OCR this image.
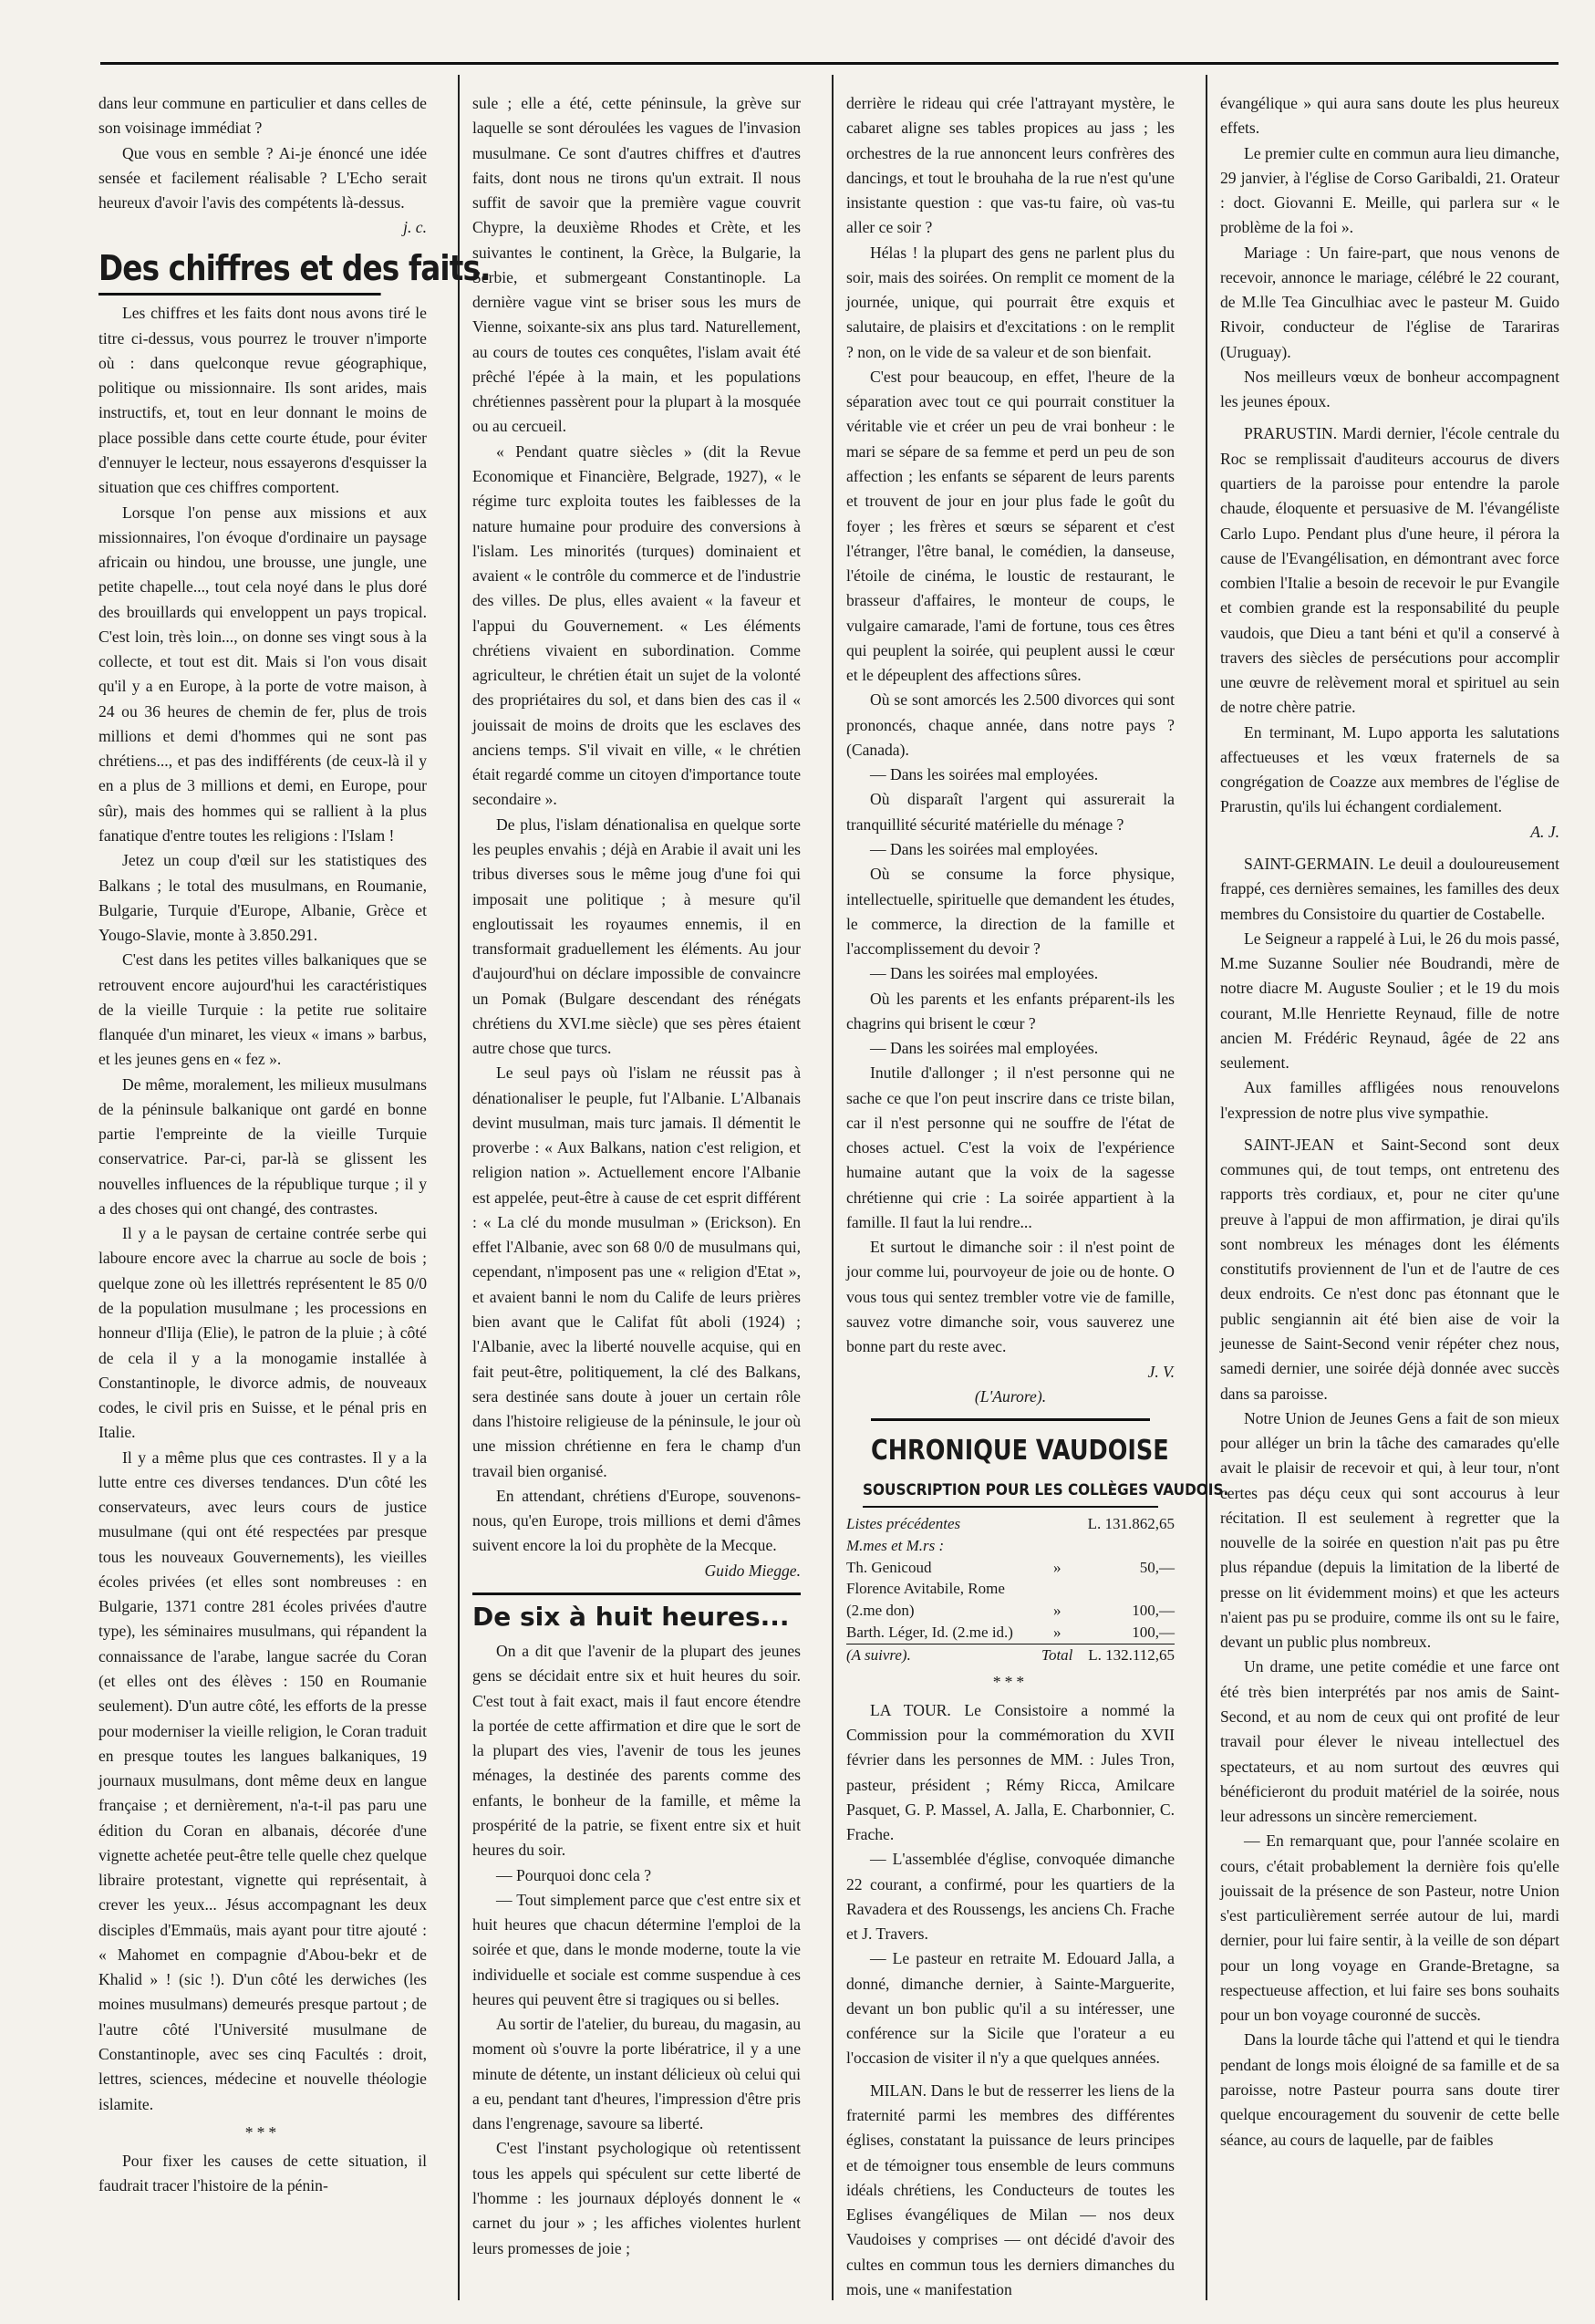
dans leur commune en particulier et dans celles de son voisinage immédiat ?

Que vous en semble ? Ai-je énoncé une idée sensée et facilement réalisable ? L'Echo serait heureux d'avoir l'avis des compétents là-dessus.

j. c.
Des chiffres et des faits.

Les chiffres et les faits dont nous avons tiré le titre ci-dessus, vous pourrez le trouver n'importe où : dans quelconque revue géographique, politique ou missionnaire. Ils sont arides, mais instructifs, et, tout en leur donnant le moins de place possible dans cette courte étude, pour éviter d'ennuyer le lecteur, nous essayerons d'esquisser la situation que ces chiffres comportent.

Lorsque l'on pense aux missions et aux missionnaires, l'on évoque d'ordinaire un paysage africain ou hindou, une brousse, une jungle, une petite chapelle..., tout cela noyé dans le plus doré des brouillards qui enveloppent un pays tropical. C'est loin, très loin..., on donne ses vingt sous à la collecte, et tout est dit. Mais si l'on vous disait qu'il y a en Europe, à la porte de votre maison, à 24 ou 36 heures de chemin de fer, plus de trois millions et demi d'hommes qui ne sont pas chrétiens..., et pas des indifférents (de ceux-là il y en a plus de 3 millions et demi, en Europe, pour sûr), mais des hommes qui se rallient à la plus fanatique d'entre toutes les religions : l'Islam !

Jetez un coup d'œil sur les statistiques des Balkans ; le total des musulmans, en Roumanie, Bulgarie, Turquie d'Europe, Albanie, Grèce et Yougo-Slavie, monte à 3.850.291.

C'est dans les petites villes balkaniques que se retrouvent encore aujourd'hui les caractéristiques de la vieille Turquie : la petite rue solitaire flanquée d'un minaret, les vieux « imans » barbus, et les jeunes gens en « fez ».

De même, moralement, les milieux musulmans de la péninsule balkanique ont gardé en bonne partie l'empreinte de la vieille Turquie conservatrice. Par-ci, par-là se glissent les nouvelles influences de la république turque ; il y a des choses qui ont changé, des contrastes.

Il y a le paysan de certaine contrée serbe qui laboure encore avec la charrue au socle de bois ; quelque zone où les illettrés représentent le 85 0/0 de la population musulmane ; les processions en honneur d'Ilija (Elie), le patron de la pluie ; à côté de cela il y a la monogamie installée à Constantinople, le divorce admis, de nouveaux codes, le civil pris en Suisse, et le pénal pris en Italie.

Il y a même plus que ces contrastes. Il y a la lutte entre ces diverses tendances. D'un côté les conservateurs, avec leurs cours de justice musulmane (qui ont été respectées par presque tous les nouveaux Gouvernements), les vieilles écoles privées (et elles sont nombreuses : en Bulgarie, 1371 contre 281 écoles privées d'autre type), les séminaires musulmans, qui répandent la connaissance de l'arabe, langue sacrée du Coran (et elles ont des élèves : 150 en Roumanie seulement). D'un autre côté, les efforts de la presse pour moderniser la vieille religion, le Coran traduit en presque toutes les langues balkaniques, 19 journaux musulmans, dont même deux en langue française ; et dernièrement, n'a-t-il pas paru une édition du Coran en albanais, décorée d'une vignette achetée peut-être telle quelle chez quelque libraire protestant, vignette qui représentait, à crever les yeux... Jésus accompagnant les deux disciples d'Emmaüs, mais ayant pour titre ajouté : « Mahomet en compagnie d'Abou-bekr et de Khalid » ! (sic !). D'un côté les derwiches (les moines musulmans) demeurés presque partout ; de l'autre côté l'Université musulmane de Constantinople, avec ses cinq Facultés : droit, lettres, sciences, médecine et nouvelle théologie islamite.

***

Pour fixer les causes de cette situation, il faudrait tracer l'histoire de la pénin-

sule ; elle a été, cette péninsule, la grève sur laquelle se sont déroulées les vagues de l'invasion musulmane. Ce sont d'autres chiffres et d'autres faits, dont nous ne tirons qu'un extrait. Il nous suffit de savoir que la première vague couvrit Chypre, la deuxième Rhodes et Crète, et les suivantes le continent, la Grèce, la Bulgarie, la Serbie, et submergeant Constantinople. La dernière vague vint se briser sous les murs de Vienne, soixante-six ans plus tard. Naturellement, au cours de toutes ces conquêtes, l'islam avait été prêché l'épée à la main, et les populations chrétiennes passèrent pour la plupart à la mosquée ou au cercueil.

« Pendant quatre siècles » (dit la Revue Economique et Financière, Belgrade, 1927), « le régime turc exploita toutes les faiblesses de la nature humaine pour produire des conversions à l'islam. Les minorités (turques) dominaient et avaient « le contrôle du commerce et de l'industrie des villes. De plus, elles avaient « la faveur et l'appui du Gouvernement. « Les éléments chrétiens vivaient en subordination. Comme agriculteur, le chrétien était un sujet de la volonté des propriétaires du sol, et dans bien des cas il « jouissait de moins de droits que les esclaves des anciens temps. S'il vivait en ville, « le chrétien était regardé comme un citoyen d'importance toute secondaire ».

De plus, l'islam dénationalisa en quelque sorte les peuples envahis ; déjà en Arabie il avait uni les tribus diverses sous le même joug d'une foi qui imposait une politique ; à mesure qu'il engloutissait les royaumes ennemis, il en transformait graduellement les éléments. Au jour d'aujourd'hui on déclare impossible de convaincre un Pomak (Bulgare descendant des rénégats chrétiens du XVI.me siècle) que ses pères étaient autre chose que turcs.

Le seul pays où l'islam ne réussit pas à dénationaliser le peuple, fut l'Albanie. L'Albanais devint musulman, mais turc jamais. Il démentit le proverbe : « Aux Balkans, nation c'est religion, et religion nation ». Actuellement encore l'Albanie est appelée, peut-être à cause de cet esprit différent : « La clé du monde musulman » (Erickson). En effet l'Albanie, avec son 68 0/0 de musulmans qui, cependant, n'imposent pas une « religion d'Etat », et avaient banni le nom du Calife de leurs prières bien avant que le Califat fût aboli (1924) ; l'Albanie, avec la liberté nouvelle acquise, qui en fait peut-être, politiquement, la clé des Balkans, sera destinée sans doute à jouer un certain rôle dans l'histoire religieuse de la péninsule, le jour où une mission chrétienne en fera le champ d'un travail bien organisé.

En attendant, chrétiens d'Europe, souvenons-nous, qu'en Europe, trois millions et demi d'âmes suivent encore la loi du prophète de la Mecque.

Guido Miegge.
De six à huit heures...

On a dit que l'avenir de la plupart des jeunes gens se décidait entre six et huit heures du soir. C'est tout à fait exact, mais il faut encore étendre la portée de cette affirmation et dire que le sort de la plupart des vies, l'avenir de tous les jeunes ménages, la destinée des parents comme des enfants, le bonheur de la famille, et même la prospérité de la patrie, se fixent entre six et huit heures du soir.

— Pourquoi donc cela ?

— Tout simplement parce que c'est entre six et huit heures que chacun détermine l'emploi de la soirée et que, dans le monde moderne, toute la vie individuelle et sociale est comme suspendue à ces heures qui peuvent être si tragiques ou si belles.

Au sortir de l'atelier, du bureau, du magasin, au moment où s'ouvre la porte libératrice, il y a une minute de détente, un instant délicieux où celui qui a eu, pendant tant d'heures, l'impression d'être pris dans l'engrenage, savoure sa liberté.

C'est l'instant psychologique où retentissent tous les appels qui spéculent sur cette liberté de l'homme : les journaux déployés donnent le « carnet du jour » ; les affiches violentes hurlent leurs promesses de joie ;

derrière le rideau qui crée l'attrayant mystère, le cabaret aligne ses tables propices au jass ; les orchestres de la rue annoncent leurs confrères des dancings, et tout le brouhaha de la rue n'est qu'une insistante question : que vas-tu faire, où vas-tu aller ce soir ?

Hélas ! la plupart des gens ne parlent plus du soir, mais des soirées. On remplit ce moment de la journée, unique, qui pourrait être exquis et salutaire, de plaisirs et d'excitations : on le remplit ? non, on le vide de sa valeur et de son bienfait.

C'est pour beaucoup, en effet, l'heure de la séparation avec tout ce qui pourrait constituer la véritable vie et créer un peu de vrai bonheur : le mari se sépare de sa femme et perd un peu de son affection ; les enfants se séparent de leurs parents et trouvent de jour en jour plus fade le goût du foyer ; les frères et sœurs se séparent et c'est l'étranger, l'être banal, le comédien, la danseuse, l'étoile de cinéma, le loustic de restaurant, le brasseur d'affaires, le monteur de coups, le vulgaire camarade, l'ami de fortune, tous ces êtres qui peuplent la soirée, qui peuplent aussi le cœur et le dépeuplent des affections sûres.

Où se sont amorcés les 2.500 divorces qui sont prononcés, chaque année, dans notre pays ? (Canada).

— Dans les soirées mal employées.

Où disparaît l'argent qui assurerait la tranquillité sécurité matérielle du ménage ?

— Dans les soirées mal employées.

Où se consume la force physique, intellectuelle, spirituelle que demandent les études, le commerce, la direction de la famille et l'accomplissement du devoir ?

— Dans les soirées mal employées.

Où les parents et les enfants préparent-ils les chagrins qui brisent le cœur ?

— Dans les soirées mal employées.

Inutile d'allonger ; il n'est personne qui ne sache ce que l'on peut inscrire dans ce triste bilan, car il n'est personne qui ne souffre de l'état de choses actuel. C'est la voix de l'expérience humaine autant que la voix de la sagesse chrétienne qui crie : La soirée appartient à la famille. Il faut la lui rendre...

Et surtout le dimanche soir : il n'est point de jour comme lui, pourvoyeur de joie ou de honte. O vous tous qui sentez trembler votre vie de famille, sauvez votre dimanche soir, vous sauverez une bonne part du reste avec.

J. V.
(L'Aurore).
CHRONIQUE VAUDOISE
SOUSCRIPTION POUR LES COLLÈGES VAUDOIS.
Listes précédentes		L. 131.862,65
M.mes et M.rs :		
Th. Genicoud	»	50,—
Florence Avitabile, Rome		
(2.me don)	»	100,—
Barth. Léger, Id. (2.me id.)	»	100,—
(A suivre).	Total	L. 132.112,65
***

LA TOUR. Le Consistoire a nommé la Commission pour la commémoration du XVII février dans les personnes de MM. : Jules Tron, pasteur, président ; Rémy Ricca, Amilcare Pasquet, G. P. Massel, A. Jalla, E. Charbonnier, C. Frache.

— L'assemblée d'église, convoquée dimanche 22 courant, a confirmé, pour les quartiers de la Ravadera et des Roussengs, les anciens Ch. Frache et J. Travers.

— Le pasteur en retraite M. Edouard Jalla, a donné, dimanche dernier, à Sainte-Marguerite, devant un bon public qu'il a su intéresser, une conférence sur la Sicile que l'orateur a eu l'occasion de visiter il n'y a que quelques années.

MILAN. Dans le but de resserrer les liens de la fraternité parmi les membres des différentes églises, constatant la puissance de leurs principes et de témoigner tous ensemble de leurs communs idéals chrétiens, les Conducteurs de toutes les Eglises évangéliques de Milan — nos deux Vaudoises y comprises — ont décidé d'avoir des cultes en commun tous les derniers dimanches du mois, une « manifestation

évangélique » qui aura sans doute les plus heureux effets.

Le premier culte en commun aura lieu dimanche, 29 janvier, à l'église de Corso Garibaldi, 21. Orateur : doct. Giovanni E. Meille, qui parlera sur « le problème de la foi ».

Mariage : Un faire-part, que nous venons de recevoir, annonce le mariage, célébré le 22 courant, de M.lle Tea Ginculhiac avec le pasteur M. Guido Rivoir, conducteur de l'église de Tarariras (Uruguay).

Nos meilleurs vœux de bonheur accompagnent les jeunes époux.

PRARUSTIN. Mardi dernier, l'école centrale du Roc se remplissait d'auditeurs accourus de divers quartiers de la paroisse pour entendre la parole chaude, éloquente et persuasive de M. l'évangéliste Carlo Lupo. Pendant plus d'une heure, il pérora la cause de l'Evangélisation, en démontrant avec force combien l'Italie a besoin de recevoir le pur Evangile et combien grande est la responsabilité du peuple vaudois, que Dieu a tant béni et qu'il a conservé à travers des siècles de persécutions pour accomplir une œuvre de relèvement moral et spirituel au sein de notre chère patrie.

En terminant, M. Lupo apporta les salutations affectueuses et les vœux fraternels de sa congrégation de Coazze aux membres de l'église de Prarustin, qu'ils lui échangent cordialement.

A. J.

SAINT-GERMAIN. Le deuil a douloureusement frappé, ces dernières semaines, les familles des deux membres du Consistoire du quartier de Costabelle.

Le Seigneur a rappelé à Lui, le 26 du mois passé, M.me Suzanne Soulier née Boudrandi, mère de notre diacre M. Auguste Soulier ; et le 19 du mois courant, M.lle Henriette Reynaud, fille de notre ancien M. Frédéric Reynaud, âgée de 22 ans seulement.

Aux familles affligées nous renouvelons l'expression de notre plus vive sympathie.

SAINT-JEAN et Saint-Second sont deux communes qui, de tout temps, ont entretenu des rapports très cordiaux, et, pour ne citer qu'une preuve à l'appui de mon affirmation, je dirai qu'ils sont nombreux les ménages dont les éléments constitutifs proviennent de l'un et de l'autre de ces deux endroits. Ce n'est donc pas étonnant que le public sengiannin ait été bien aise de voir la jeunesse de Saint-Second venir répéter chez nous, samedi dernier, une soirée déjà donnée avec succès dans sa paroisse.

Notre Union de Jeunes Gens a fait de son mieux pour alléger un brin la tâche des camarades qu'elle avait le plaisir de recevoir et qui, à leur tour, n'ont certes pas déçu ceux qui sont accourus à leur récitation. Il est seulement à regretter que la nouvelle de la soirée en question n'ait pas pu être plus répandue (depuis la limitation de la liberté de presse on lit évidemment moins) et que les acteurs n'aient pas pu se produire, comme ils ont su le faire, devant un public plus nombreux.

Un drame, une petite comédie et une farce ont été très bien interprétés par nos amis de Saint-Second, et au nom de ceux qui ont profité de leur travail pour élever le niveau intellectuel des spectateurs, et au nom surtout des œuvres qui bénéficieront du produit matériel de la soirée, nous leur adressons un sincère remerciement.

— En remarquant que, pour l'année scolaire en cours, c'était probablement la dernière fois qu'elle jouissait de la présence de son Pasteur, notre Union s'est particulièrement serrée autour de lui, mardi dernier, pour lui faire sentir, à la veille de son départ pour un long voyage en Grande-Bretagne, sa respectueuse affection, et lui faire ses bons souhaits pour un bon voyage couronné de succès.

Dans la lourde tâche qui l'attend et qui le tiendra pendant de longs mois éloigné de sa famille et de sa paroisse, notre Pasteur pourra sans doute tirer quelque encouragement du souvenir de cette belle séance, au cours de laquelle, par de faibles
